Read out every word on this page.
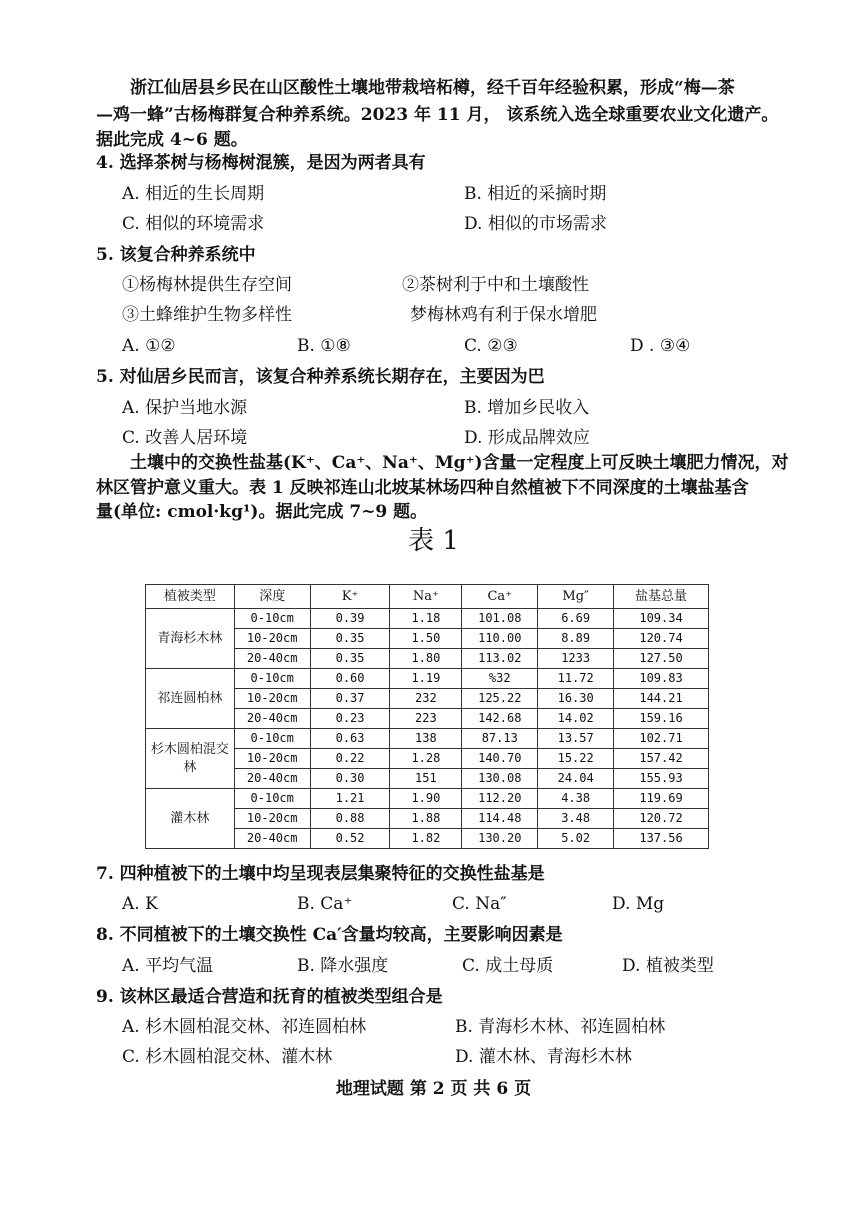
浙江仙居县乡民在山区酸性土壤地带栽培柘樽，经千百年经验积累，形成“梅—茶
—鸡一蜂”古杨梅群复合种养系统。2023 年 11 月， 该系统入选全球重要农业文化遗产。
据此完成 4~6 题。
4. 选择茶树与杨梅树混簇，是因为两者具有
A. 相近的生长周期	B. 相近的采摘时期
C. 相似的环境需求	D. 相似的市场需求
5. 该复合种养系统中
①杨梅林提供生存空间	②茶树利于中和土壤酸性
③土蜂维护生物多样性	梦梅林鸡有利于保水增肥
A. ①②	B. ①⑧	C. ②③	D . ③④
5. 对仙居乡民而言，该复合种养系统长期存在，主要因为巴
A. 保护当地水源	B. 增加乡民收入
C. 改善人居环境	D. 形成品牌效应
土壤中的交换性盐基(K⁺、Ca⁺、Na⁺、Mg⁺)含量一定程度上可反映土壤肥力情况，对
林区管护意义重大。表 1 反映祁连山北坡某林场四种自然植被下不同深度的土壤盐基含
量(单位: cmol·kg¹)。据此完成 7~9 题。
表 1
植被类型	深度	K⁺	Na⁺	Ca⁺	Mg″	盐基总量
青海杉木林	0-10cm	0.39	1.18	101.08	6.69	109.34
	10-20cm	0.35	1.50	110.00	8.89	120.74
	20-40cm	0.35	1.80	113.02	1233	127.50
祁连圆柏林	0-10cm	0.60	1.19	%32	11.72	109.83
	10-20cm	0.37	232	125.22	16.30	144.21
	20-40cm	0.23	223	142.68	14.02	159.16
杉木圆柏混交林	0-10cm	0.63	138	87.13	13.57	102.71
	10-20cm	0.22	1.28	140.70	15.22	157.42
	20-40cm	0.30	151	130.08	24.04	155.93
灌木林	0-10cm	1.21	1.90	112.20	4.38	119.69
	10-20cm	0.88	1.88	114.48	3.48	120.72
	20-40cm	0.52	1.82	130.20	5.02	137.56
7. 四种植被下的土壤中均呈现表层集聚特征的交换性盐基是
A. K	B. Ca⁺	C. Na″	D. Mg
8. 不同植被下的土壤交换性 Ca′含量均较高，主要影响因素是
A. 平均气温	B. 降水强度	C. 成土母质	D. 植被类型
9. 该林区最适合营造和抚育的植被类型组合是
A. 杉木圆柏混交林、祁连圆柏林	B. 青海杉木林、祁连圆柏林
C. 杉木圆柏混交林、灌木林	D. 灌木林、青海杉木林
地理试题 第 2 页 共 6 页
